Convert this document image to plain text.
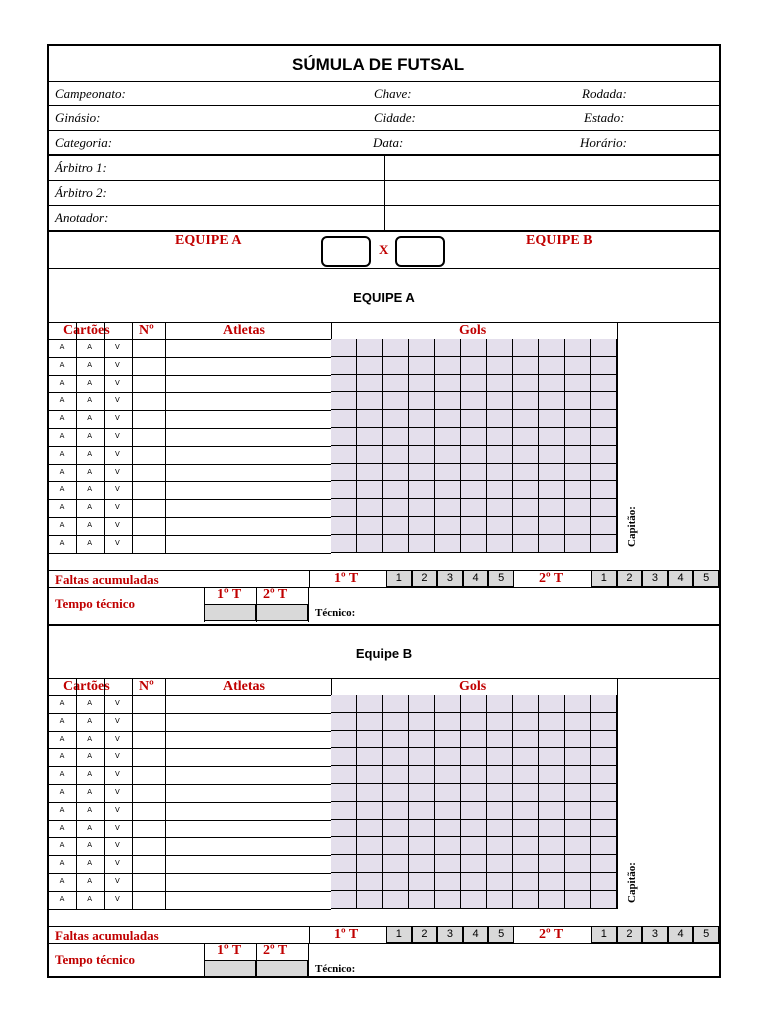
SÚMULA DE FUTSAL
Campeonato:	Chave:	Rodada:
Ginásio:	Cidade:	Estado:
Categoria:	Data:	Horário:
Árbitro 1:
Árbitro 2:
Anotador:
EQUIPE A
X
EQUIPE B
EQUIPE A
Cartões Nº	Atletas	Gols
A	A	V
A	A	V
A	A	V
A	A	V
A	A	V
A	A	V
A	A	V
A	A	V
A	A	V
A	A	V
A	A	V
A	A	V	Capitão:
Faltas acumuladas	1º T	1	2	3	4	5	2º T	1	2	3	4	5
Tempo técnico
1º T 2º T
Técnico:
Equipe B
Cartões Nº	Atletas	Gols
A	A	V
A	A	V
A	A	V
A	A	V
A	A	V
A	A	V
A	A	V
A	A	V
A	A	V
A	A	V
A	A	V
A	A	V	Capitão:
Faltas acumuladas	1º T	1	2	3	4	5	2º T	1	2	3	4	5
Tempo técnico
1º T 2º T
Técnico:
